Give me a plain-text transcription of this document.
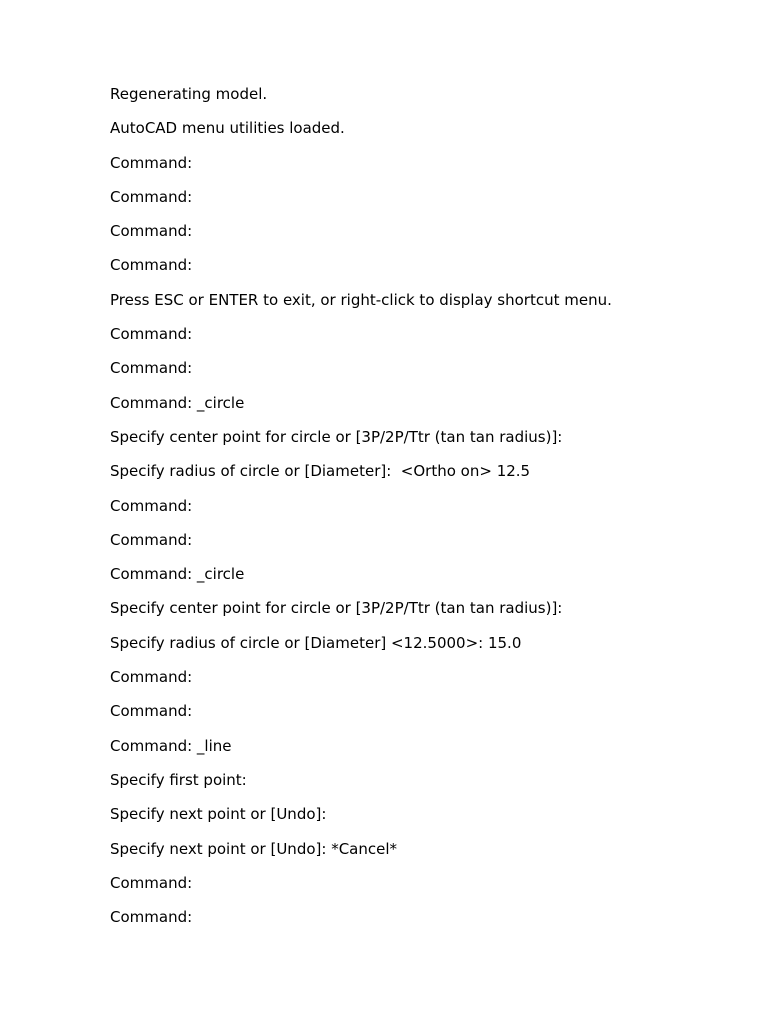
Regenerating model.
AutoCAD menu utilities loaded.
Command:
Command:
Command:
Command:
Press ESC or ENTER to exit, or right-click to display shortcut menu.
Command:
Command:
Command: _circle
Specify center point for circle or [3P/2P/Ttr (tan tan radius)]:
Specify radius of circle or [Diameter]:  <Ortho on> 12.5
Command:
Command:
Command: _circle
Specify center point for circle or [3P/2P/Ttr (tan tan radius)]:
Specify radius of circle or [Diameter] <12.5000>: 15.0
Command:
Command:
Command: _line
Specify first point:
Specify next point or [Undo]:
Specify next point or [Undo]: *Cancel*
Command:
Command:
